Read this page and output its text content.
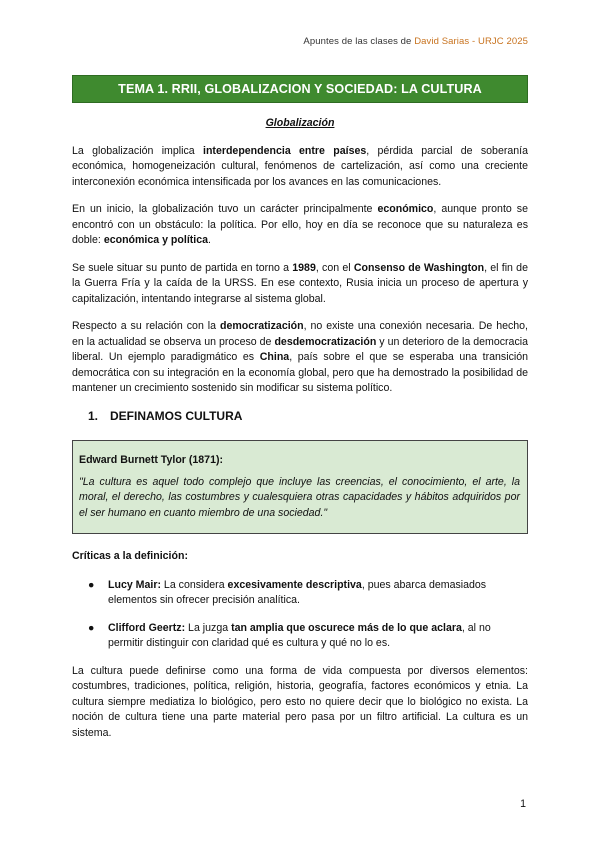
Apuntes de las clases de David Sarias - URJC 2025
TEMA 1. RRII, GLOBALIZACION Y SOCIEDAD: LA CULTURA
Globalización

La globalización implica interdependencia entre países, pérdida parcial de soberanía económica, homogeneización cultural, fenómenos de cartelización, así como una creciente interconexión económica intensificada por los avances en las comunicaciones.

En un inicio, la globalización tuvo un carácter principalmente económico, aunque pronto se encontró con un obstáculo: la política. Por ello, hoy en día se reconoce que su naturaleza es doble: económica y política.

Se suele situar su punto de partida en torno a 1989, con el Consenso de Washington, el fin de la Guerra Fría y la caída de la URSS. En ese contexto, Rusia inicia un proceso de apertura y capitalización, intentando integrarse al sistema global.

Respecto a su relación con la democratización, no existe una conexión necesaria. De hecho, en la actualidad se observa un proceso de desdemocratización y un deterioro de la democracia liberal. Un ejemplo paradigmático es China, país sobre el que se esperaba una transición democrática con su integración en la economía global, pero que ha demostrado la posibilidad de mantener un crecimiento sostenido sin modificar su sistema político.

1. DEFINAMOS CULTURA
Edward Burnett Tylor (1871):
"La cultura es aquel todo complejo que incluye las creencias, el conocimiento, el arte, la moral, el derecho, las costumbres y cualesquiera otras capacidades y hábitos adquiridos por el ser humano en cuanto miembro de una sociedad."
Críticas a la definición:
● Lucy Mair: La considera excesivamente descriptiva, pues abarca demasiados elementos sin ofrecer precisión analítica.
● Clifford Geertz: La juzga tan amplia que oscurece más de lo que aclara, al no permitir distinguir con claridad qué es cultura y qué no lo es.

La cultura puede definirse como una forma de vida compuesta por diversos elementos: costumbres, tradiciones, política, religión, historia, geografía, factores económicos y etnia. La cultura siempre mediatiza lo biológico, pero esto no quiere decir que lo biológico no exista. La noción de cultura tiene una parte material pero pasa por un filtro artificial. La cultura es un sistema.

1
